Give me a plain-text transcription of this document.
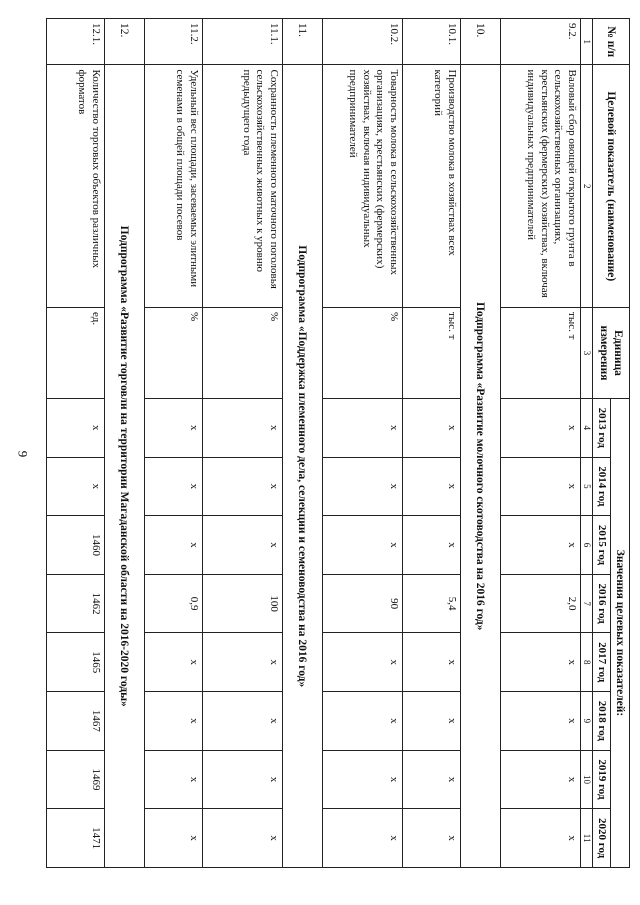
9
№ п/п	Целевой показатель (наименование)	Единица измерения	Значения целевых показателей:							
			2013 год	2014 год	2015 год	2016 год	2017 год	2018 год	2019 год	2020 год
1	2	3	4	5	6	7	8	9	10	11
9.2.	Валовый сбор овощей открытого грунта в сельскохозяйственных организациях, крестьянских (фермерских) хозяйствах, включая индивидуальных предпринимателей	тыс. т	х	х	х	2,0	х	х	х	х
10.	Подпрограмма «Развитие молочного скотоводства на 2016 год»									
10.1.	Производство молока в хозяйствах всех категорий	тыс. т	х	х	х	5,4	х	х	х	х
10.2.	Товарность молока в сельскохозяйственных организациях, крестьянских (фермерских) хозяйствах, включая индивидуальных предпринимателей	%	х	х	х	90	х	х	х	х
11.	Подпрограмма «Поддержка племенного дела, селекции и семеноводства на 2016 год»									
11.1.	Сохранность племенного маточного поголовья сельскохозяйственных животных к уровню предыдущего года	%	х	х	х	100	х	х	х	х
11.2.	Удельный вес площади, засеваемых элитными семенами в общей площади посевов	%	х	х	х	0,9	х	х	х	х
12.	Подпрограмма «Развитие торговли на территории Магаданской области на 2016-2020 годы»									
12.1.	Количество торговых объектов различных форматов	ед.	х	х	1460	1462	1465	1467	1469	1471
